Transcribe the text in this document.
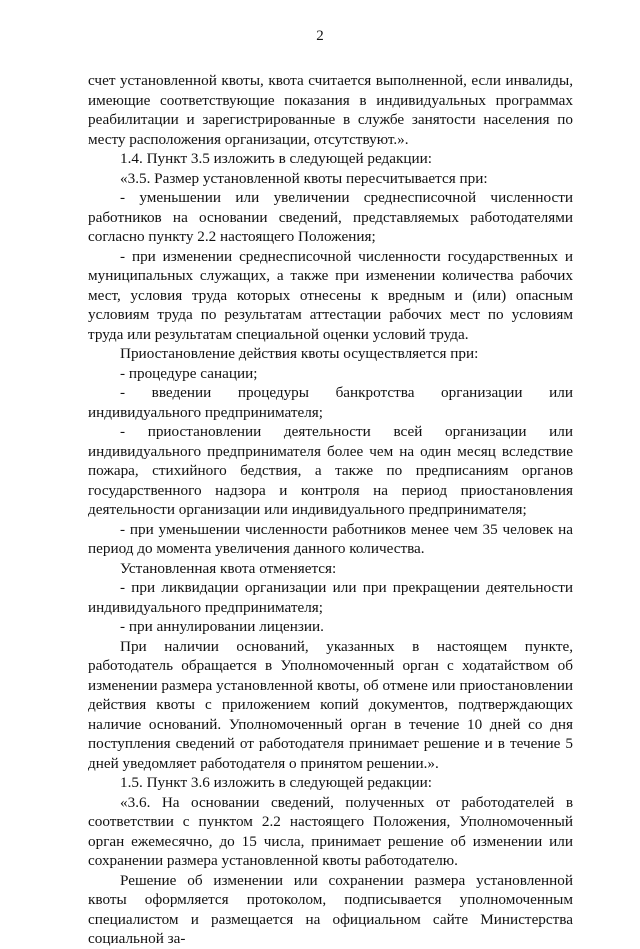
2

счет установленной квоты, квота считается выполненной, если инвалиды, имеющие соответствующие показания в индивидуальных программах реабилитации и зарегистрированные в службе занятости населения по месту расположения организации, отсутствуют.».

1.4. Пункт 3.5 изложить в следующей редакции:

«3.5. Размер установленной квоты пересчитывается при:

- уменьшении или увеличении среднесписочной численности работников на основании сведений, представляемых работодателями согласно пункту 2.2 настоящего Положения;

- при изменении среднесписочной численности государственных и муниципальных служащих, а также при изменении количества рабочих мест, условия труда которых отнесены к вредным и (или) опасным условиям труда по результатам аттестации рабочих мест по условиям труда или результатам специальной оценки условий труда.

Приостановление действия квоты осуществляется при:

- процедуре санации;

- введении процедуры банкротства организации или индивидуального предпринимателя;

- приостановлении деятельности всей организации или индивидуального предпринимателя более чем на один месяц вследствие пожара, стихийного бедствия, а также по предписаниям органов государственного надзора и контроля на период приостановления деятельности организации или индивидуального предпринимателя;

- при уменьшении численности работников менее чем 35 человек на период до момента увеличения данного количества.

Установленная квота отменяется:

- при ликвидации организации или при прекращении деятельности индивидуального предпринимателя;

- при аннулировании лицензии.

При наличии оснований, указанных в настоящем пункте, работодатель обращается в Уполномоченный орган с ходатайством об изменении размера установленной квоты, об отмене или приостановлении действия квоты с приложением копий документов, подтверждающих наличие оснований. Уполномоченный орган в течение 10 дней со дня поступления сведений от работодателя принимает решение и в течение 5 дней уведомляет работодателя о принятом решении.».

1.5. Пункт 3.6 изложить в следующей редакции:

«3.6. На основании сведений, полученных от работодателей в соответствии с пунктом 2.2 настоящего Положения, Уполномоченный орган ежемесячно, до 15 числа, принимает решение об изменении или сохранении размера установленной квоты работодателю.

Решение об изменении или сохранении размера установленной квоты оформляется протоколом, подписывается уполномоченным специалистом и размещается на официальном сайте Министерства социальной за-
